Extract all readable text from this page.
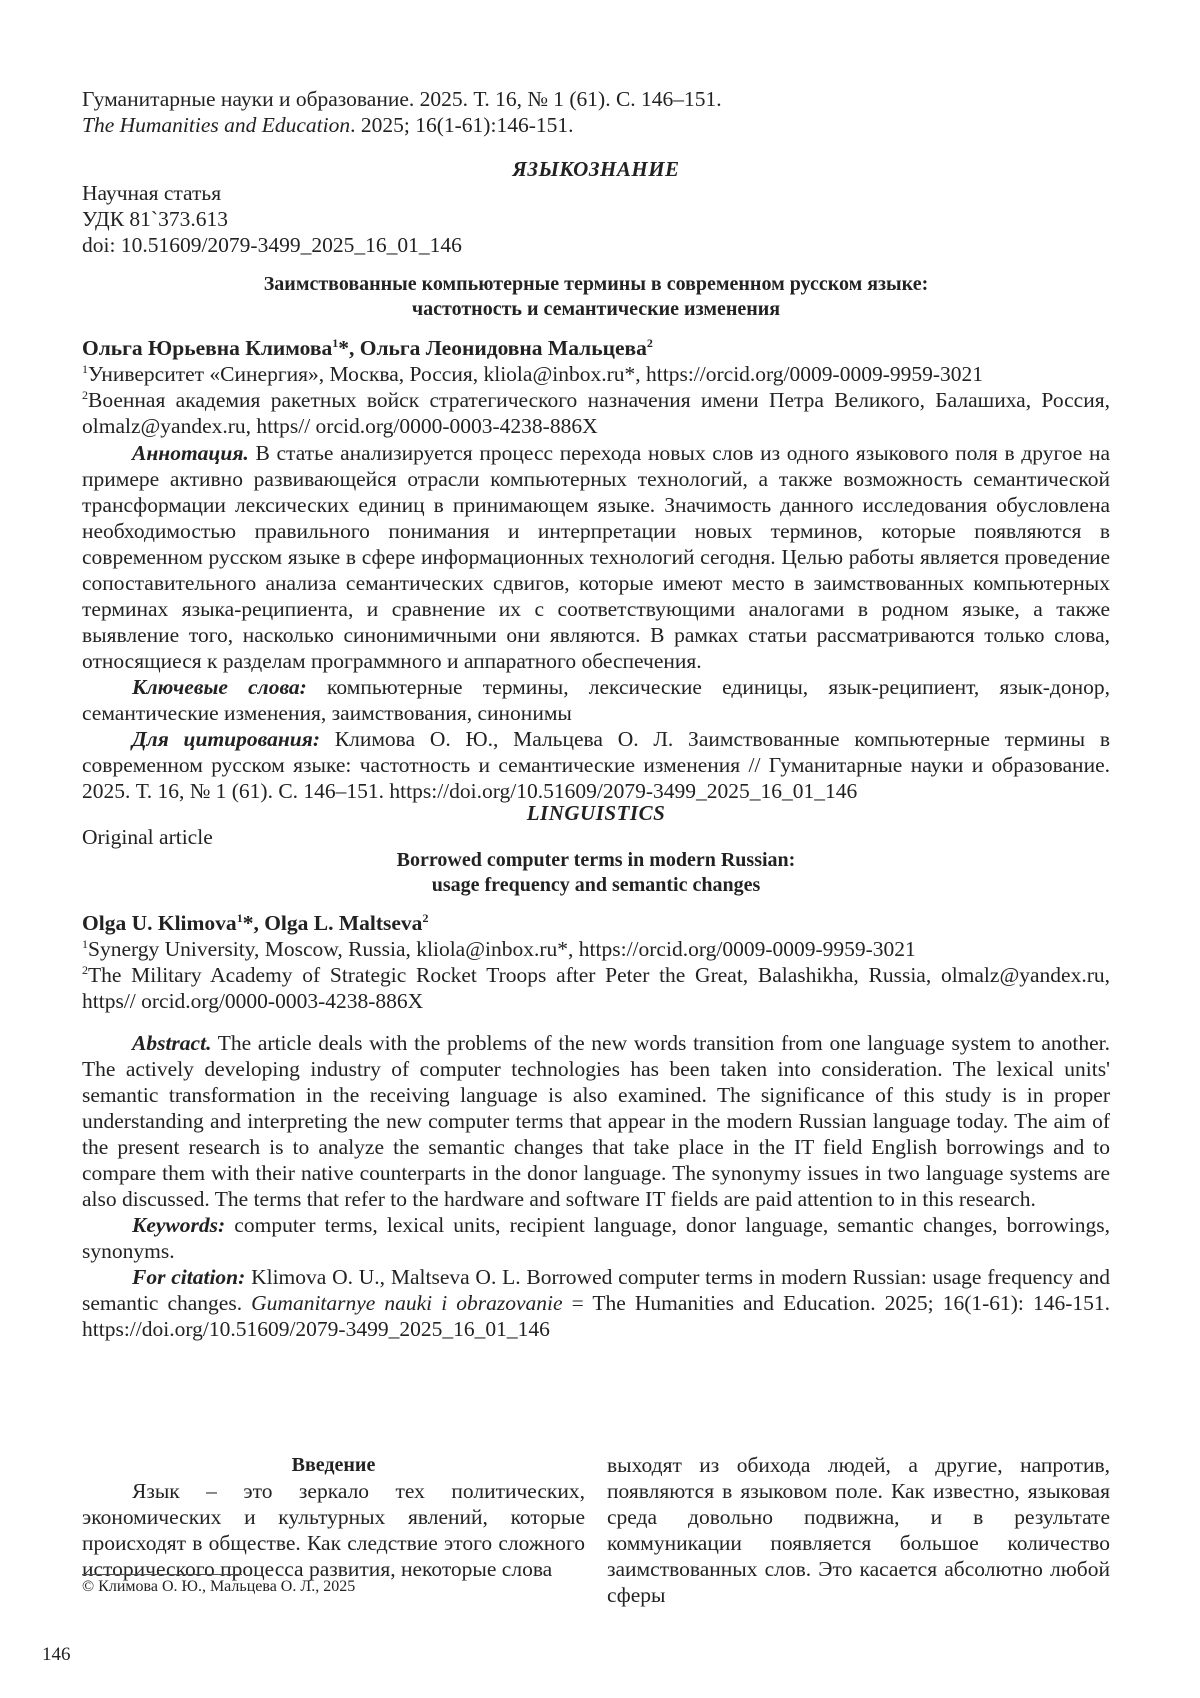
Гуманитарные науки и образование. 2025. Т. 16, № 1 (61). С. 146–151.

The Humanities and Education. 2025; 16(1-61):146-151.

ЯЗЫКОЗНАНИЕ

Научная статья

УДК 81`373.613

doi: 10.51609/2079-3499_2025_16_01_146

Заимствованные компьютерные термины в современном русском языке:

частотность и семантические изменения

Ольга Юрьевна Климова$^1$*, Ольга Леонидовна Мальцева$^2$

$^1$Университет «Синергия», Москва, Россия, kliola@inbox.ru*, https://orcid.org/0009-0009-9959-3021

$^2$Военная академия ракетных войск стратегического назначения имени Петра Великого, Балашиха, Россия, olmalz@yandex.ru, https// orcid.org/0000-0003-4238-886X

Аннотация. В статье анализируется процесс перехода новых слов из одного языкового поля в другое на примере активно развивающейся отрасли компьютерных технологий, а также возможность семантической трансформации лексических единиц в принимающем языке. Значимость данного исследования обусловлена необходимостью правильного понимания и интерпретации новых терминов, которые появляются в современном русском языке в сфере информационных технологий сегодня. Целью работы является проведение сопоставительного анализа семантических сдвигов, которые имеют место в заимствованных компьютерных терминах языка-реципиента, и сравнение их с соответствующими аналогами в родном языке, а также выявление того, насколько синонимичными они являются. В рамках статьи рассматриваются только слова, относящиеся к разделам программного и аппаратного обеспечения.

Ключевые слова: компьютерные термины, лексические единицы, язык-реципиент, язык-донор, семантические изменения, заимствования, синонимы

Для цитирования: Климова О. Ю., Мальцева О. Л. Заимствованные компьютерные термины в современном русском языке: частотность и семантические изменения // Гуманитарные науки и образование. 2025. Т. 16, № 1 (61). С. 146–151. https://doi.org/10.51609/2079-3499_2025_16_01_146

LINGUISTICS

Original article

Borrowed computer terms in modern Russian:

usage frequency and semantic changes

Olga U. Klimova$^1$*, Olga L. Maltseva$^2$

$^1$Synergy University, Moscow, Russia, kliola@inbox.ru*, https://orcid.org/0009-0009-9959-3021

$^2$The Military Academy of Strategic Rocket Troops after Peter the Great, Balashikha, Russia, olmalz@yandex.ru, https// orcid.org/0000-0003-4238-886X

Abstract. The article deals with the problems of the new words transition from one language system to another. The actively developing industry of computer technologies has been taken into consideration. The lexical units' semantic transformation in the receiving language is also examined. The significance of this study is in proper understanding and interpreting the new computer terms that appear in the modern Russian language today. The aim of the present research is to analyze the semantic changes that take place in the IT field English borrowings and to compare them with their native counterparts in the donor language. The synonymy issues in two language systems are also discussed. The terms that refer to the hardware and software IT fields are paid attention to in this research.

Keywords: computer terms, lexical units, recipient language, donor language, semantic changes, borrowings, synonyms.

For citation: Klimova O. U., Maltseva O. L. Borrowed computer terms in modern Russian: usage frequency and semantic changes. Gumanitarnye nauki i obrazovanie = The Humanities and Education. 2025; 16(1-61): 146-151. https://doi.org/10.51609/2079-3499_2025_16_01_146

Введение

Язык – это зеркало тех политических, экономических и культурных явлений, которые происходят в обществе. Как следствие этого сложного исторического процесса развития, некоторые слова

выходят из обихода людей, а другие, напротив, появляются в языковом поле. Как известно, языковая среда довольно подвижна, и в результате коммуникации появляется большое количество заимствованных слов. Это касается абсолютно любой сферы

© Климова О. Ю., Мальцева О. Л., 2025
146
